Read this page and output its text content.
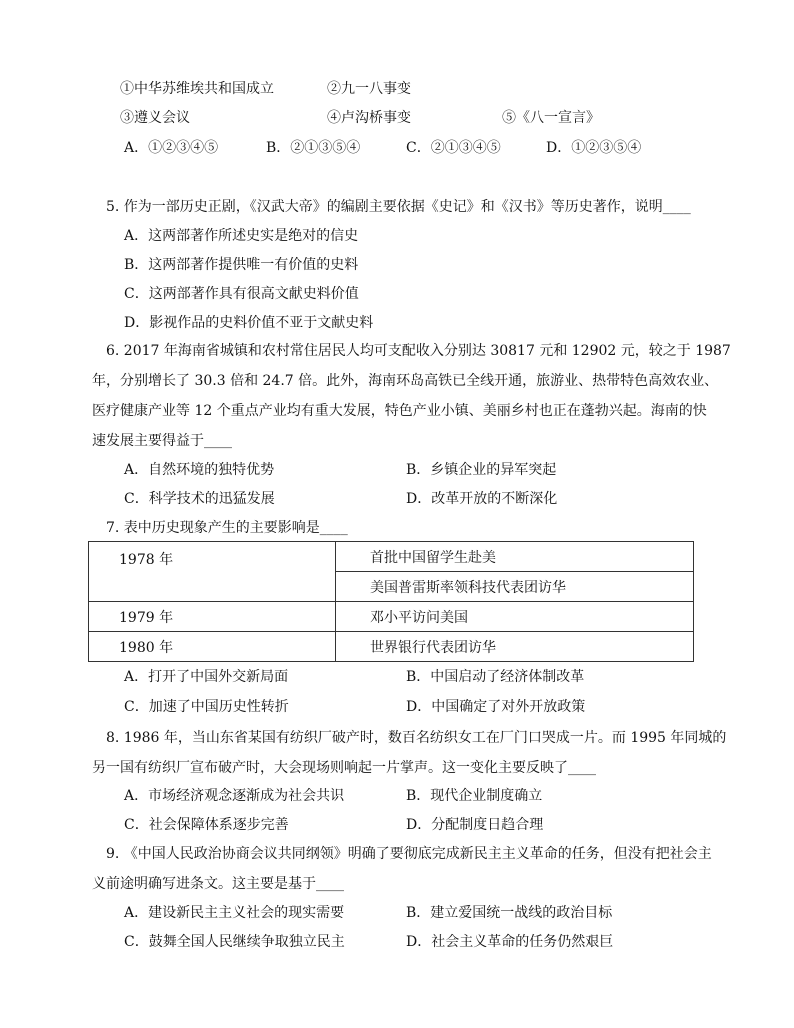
①中华苏维埃共和国成立	②九一八事变
③遵义会议	④卢沟桥事变	⑤《八一宣言》
A．①②③④⑤	B．②①③⑤④	C．②①③④⑤	D．①②③⑤④
5. 作为一部历史正剧，《汉武大帝》的编剧主要依据《史记》和《汉书》等历史著作，说明____
A．这两部著作所述史实是绝对的信史
B．这两部著作提供唯一有价值的史料
C．这两部著作具有很高文献史料价值
D．影视作品的史料价值不亚于文献史料
6. 2017 年海南省城镇和农村常住居民人均可支配收入分别达 30817 元和 12902 元，较之于 1987
年，分别增长了 30.3 倍和 24.7 倍。此外，海南环岛高铁已全线开通，旅游业、热带特色高效农业、
医疗健康产业等 12 个重点产业均有重大发展，特色产业小镇、美丽乡村也正在蓬勃兴起。海南的快
速发展主要得益于____
A．自然环境的独特优势	B．乡镇企业的异军突起
C．科学技术的迅猛发展	D．改革开放的不断深化
7. 表中历史现象产生的主要影响是____
1978 年	首批中国留学生赴美
	美国普雷斯率领科技代表团访华
1979 年	邓小平访问美国
1980 年	世界银行代表团访华
A．打开了中国外交新局面	B．中国启动了经济体制改革
C．加速了中国历史性转折	D．中国确定了对外开放政策
8. 1986 年，当山东省某国有纺织厂破产时，数百名纺织女工在厂门口哭成一片。而 1995 年同城的
另一国有纺织厂宣布破产时，大会现场则响起一片掌声。这一变化主要反映了____
A．市场经济观念逐渐成为社会共识	B．现代企业制度确立
C．社会保障体系逐步完善	D．分配制度日趋合理
9. 《中国人民政治协商会议共同纲领》明确了要彻底完成新民主主义革命的任务，但没有把社会主
义前途明确写进条文。这主要是基于____
A．建设新民主主义社会的现实需要	B．建立爱国统一战线的政治目标
C．鼓舞全国人民继续争取独立民主	D．社会主义革命的任务仍然艰巨
